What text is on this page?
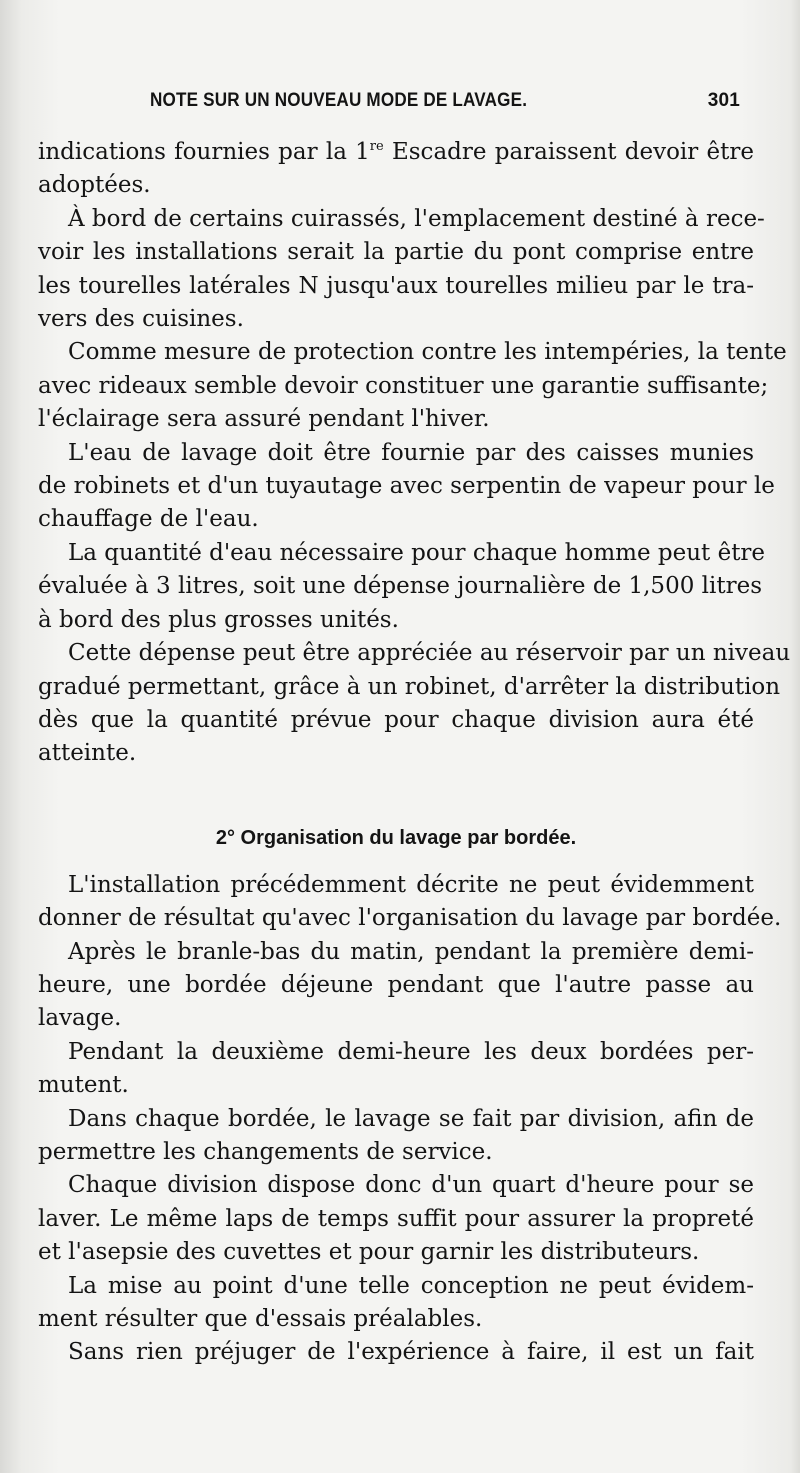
NOTE SUR UN NOUVEAU MODE DE LAVAGE.	301
indications fournies par la 1re Escadre paraissent devoir être
adoptées.
À bord de certains cuirassés, l'emplacement destiné à rece-
voir les installations serait la partie du pont comprise entre
les tourelles latérales N jusqu'aux tourelles milieu par le tra-
vers des cuisines.
Comme mesure de protection contre les intempéries, la tente
avec rideaux semble devoir constituer une garantie suffisante;
l'éclairage sera assuré pendant l'hiver.
L'eau de lavage doit être fournie par des caisses munies
de robinets et d'un tuyautage avec serpentin de vapeur pour le
chauffage de l'eau.
La quantité d'eau nécessaire pour chaque homme peut être
évaluée à 3 litres, soit une dépense journalière de 1,500 litres
à bord des plus grosses unités.
Cette dépense peut être appréciée au réservoir par un niveau
gradué permettant, grâce à un robinet, d'arrêter la distribution
dès que la quantité prévue pour chaque division aura été
atteinte.
2° Organisation du lavage par bordée.
L'installation précédemment décrite ne peut évidemment
donner de résultat qu'avec l'organisation du lavage par bordée.
Après le branle-bas du matin, pendant la première demi-
heure, une bordée déjeune pendant que l'autre passe au
lavage.
Pendant la deuxième demi-heure les deux bordées per-
mutent.
Dans chaque bordée, le lavage se fait par division, afin de
permettre les changements de service.
Chaque division dispose donc d'un quart d'heure pour se
laver. Le même laps de temps suffit pour assurer la propreté
et l'asepsie des cuvettes et pour garnir les distributeurs.
La mise au point d'une telle conception ne peut évidem-
ment résulter que d'essais préalables.
Sans rien préjuger de l'expérience à faire, il est un fait
